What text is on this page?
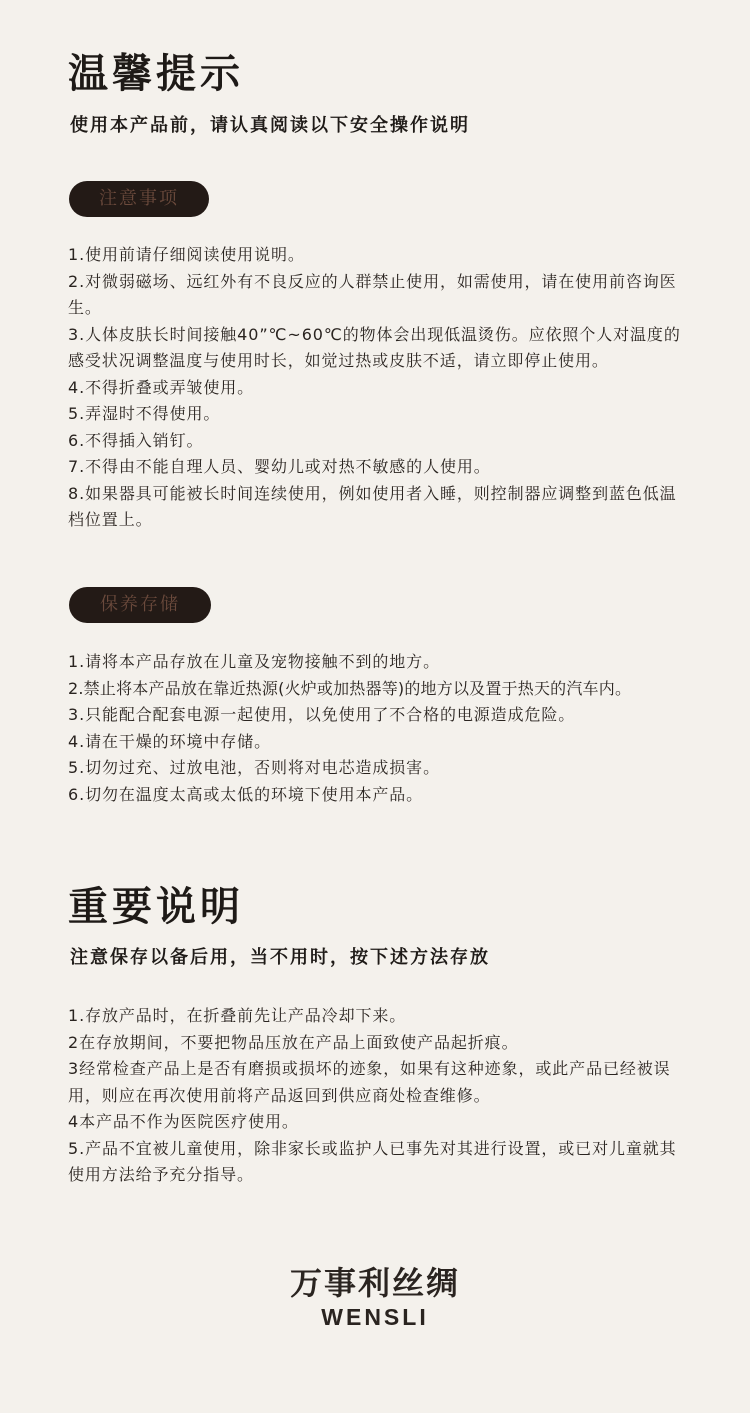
温馨提示
使用本产品前，请认真阅读以下安全操作说明
注意事项
1.使用前请仔细阅读使用说明。
2.对微弱磁场、远红外有不良反应的人群禁止使用，如需使用，请在使用前咨询医生。
3.人体皮肤长时间接触40”℃~60℃的物体会出现低温烫伤。应依照个人对温度的感受状况调整温度与使用时长，如觉过热或皮肤不适，请立即停止使用。
4.不得折叠或弄皱使用。
5.弄湿时不得使用。
6.不得插入销钉。
7.不得由不能自理人员、婴幼儿或对热不敏感的人使用。
8.如果器具可能被长时间连续使用，例如使用者入睡，则控制器应调整到蓝色低温档位置上。
保养存储
1.请将本产品存放在儿童及宠物接触不到的地方。
2.禁止将本产品放在靠近热源(火炉或加热器等)的地方以及置于热天的汽车内。
3.只能配合配套电源一起使用，以免使用了不合格的电源造成危险。
4.请在干燥的环境中存储。
5.切勿过充、过放电池，否则将对电芯造成损害。
6.切勿在温度太高或太低的环境下使用本产品。
重要说明
注意保存以备后用，当不用时，按下述方法存放
1.存放产品时，在折叠前先让产品冷却下来。
2在存放期间，不要把物品压放在产品上面致使产品起折痕。
3经常检查产品上是否有磨损或损坏的迹象，如果有这种迹象，或此产品已经被误用，则应在再次使用前将产品返回到供应商处检查维修。
4本产品不作为医院医疗使用。
5.产品不宜被儿童使用，除非家长或监护人已事先对其进行设置，或已对儿童就其使用方法给予充分指导。
万事利丝绸
WENSLI
